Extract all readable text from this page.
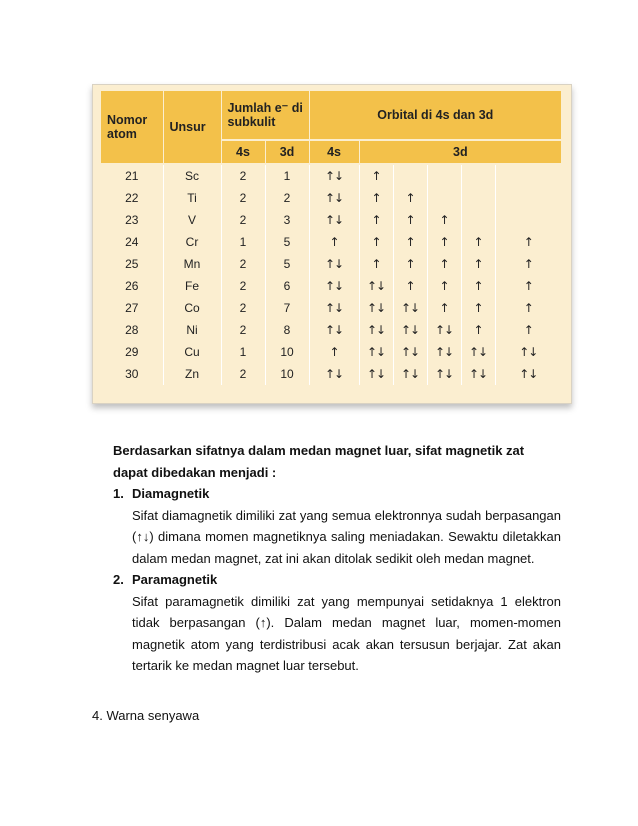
Nomor atom	Unsur	Jumlah e⁻ di subkulit		Orbital di 4s dan 3d					
		4s	3d	4s	3d				
21	Sc	2	1	↑↓	↑				
22	Ti	2	2	↑↓	↑	↑			
23	V	2	3	↑↓	↑	↑	↑		
24	Cr	1	5	↑	↑	↑	↑	↑	↑
25	Mn	2	5	↑↓	↑	↑	↑	↑	↑
26	Fe	2	6	↑↓	↑↓	↑	↑	↑	↑
27	Co	2	7	↑↓	↑↓	↑↓	↑	↑	↑
28	Ni	2	8	↑↓	↑↓	↑↓	↑↓	↑	↑
29	Cu	1	10	↑	↑↓	↑↓	↑↓	↑↓	↑↓
30	Zn	2	10	↑↓	↑↓	↑↓	↑↓	↑↓	↑↓

Berdasarkan sifatnya dalam medan magnet luar, sifat magnetik zat dapat dibedakan menjadi :

1. Diamagnetik
Sifat diamagnetik dimiliki zat yang semua elektronnya sudah berpasangan (↑↓) dimana momen magnetiknya saling meniadakan. Sewaktu diletakkan dalam medan magnet, zat ini akan ditolak sedikit oleh medan magnet.
2. Paramagnetik
Sifat paramagnetik dimiliki zat yang mempunyai setidaknya 1 elektron tidak berpasangan (↑). Dalam medan magnet luar, momen-momen magnetik atom yang terdistribusi acak akan tersusun berjajar. Zat akan tertarik ke medan magnet luar tersebut.
4. Warna senyawa
